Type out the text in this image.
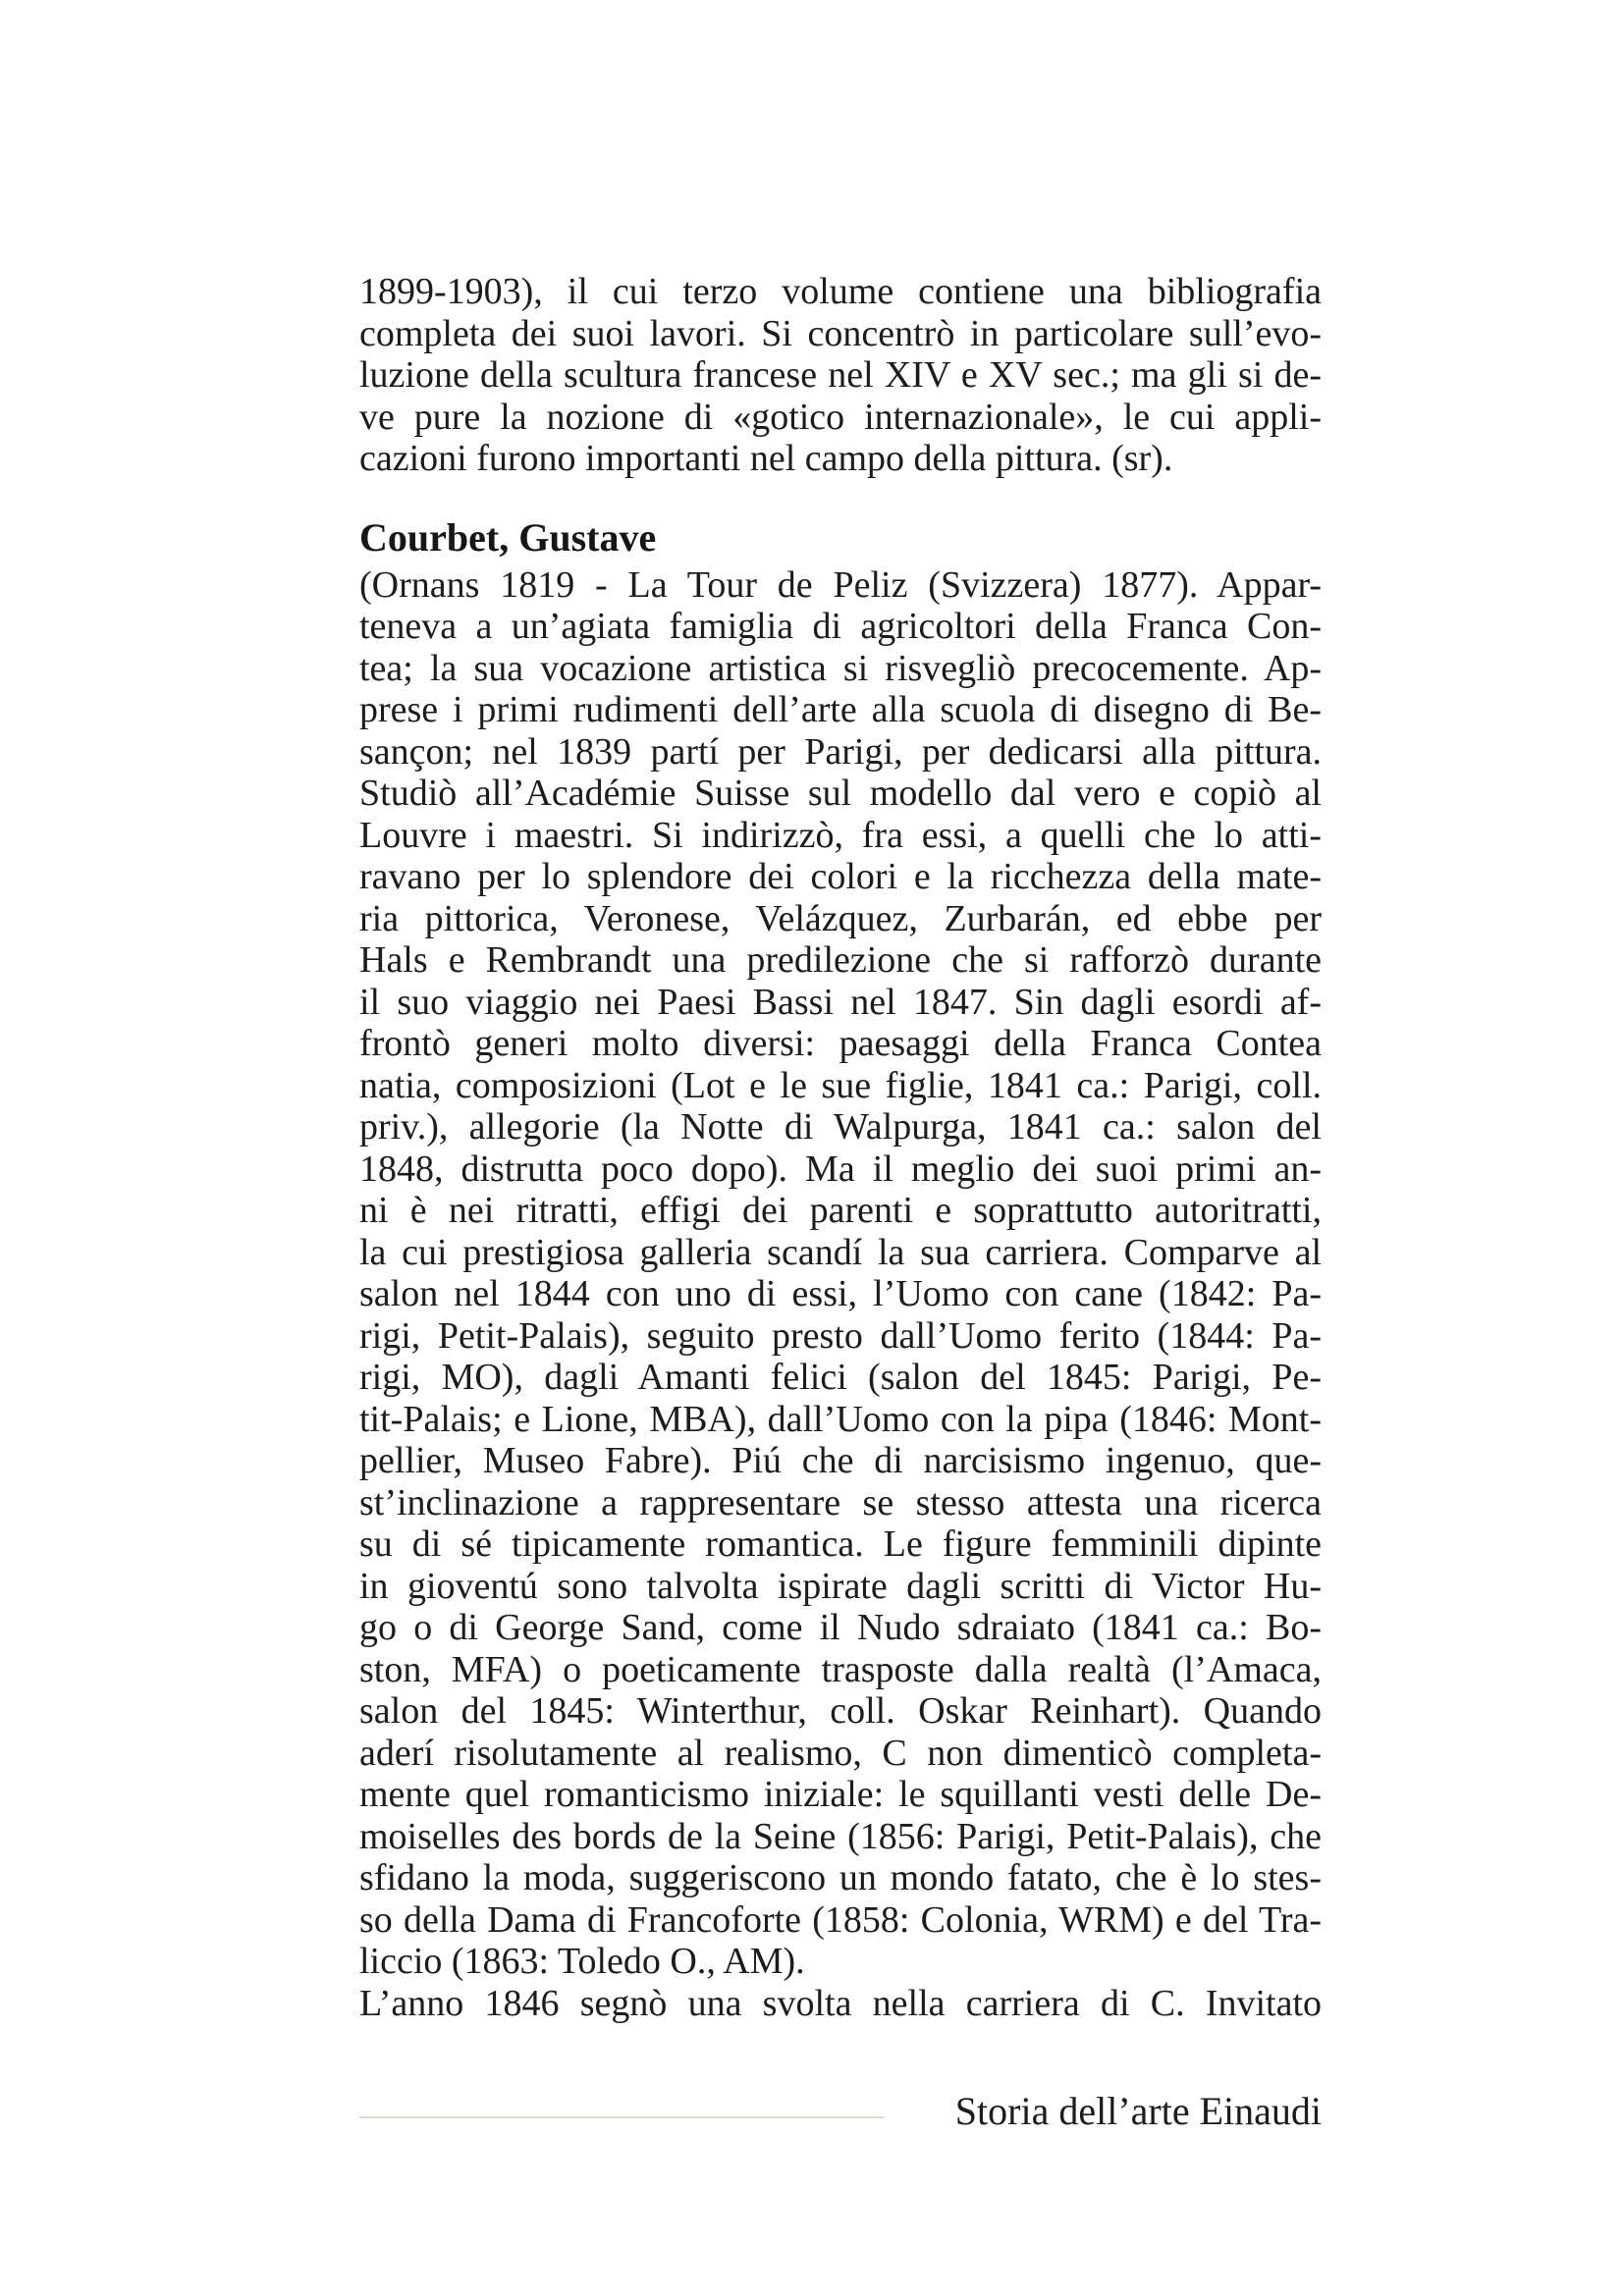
1899-1903), il cui terzo volume contiene una bibliografia
completa dei suoi lavori. Si concentrò in particolare sull’evo-
luzione della scultura francese nel XIV e XV sec.; ma gli si de-
ve pure la nozione di «gotico internazionale», le cui appli-
cazioni furono importanti nel campo della pittura. (sr).
Courbet, Gustave
(Ornans 1819 - La Tour de Peliz (Svizzera) 1877). Appar-
teneva a un’agiata famiglia di agricoltori della Franca Con-
tea; la sua vocazione artistica si risvegliò precocemente. Ap-
prese i primi rudimenti dell’arte alla scuola di disegno di Be-
sançon; nel 1839 partí per Parigi, per dedicarsi alla pittura.
Studiò all’Académie Suisse sul modello dal vero e copiò al
Louvre i maestri. Si indirizzò, fra essi, a quelli che lo atti-
ravano per lo splendore dei colori e la ricchezza della mate-
ria pittorica, Veronese, Velázquez, Zurbarán, ed ebbe per
Hals e Rembrandt una predilezione che si rafforzò durante
il suo viaggio nei Paesi Bassi nel 1847. Sin dagli esordi af-
frontò generi molto diversi: paesaggi della Franca Contea
natia, composizioni (Lot e le sue figlie, 1841 ca.: Parigi, coll.
priv.), allegorie (la Notte di Walpurga, 1841 ca.: salon del
1848, distrutta poco dopo). Ma il meglio dei suoi primi an-
ni è nei ritratti, effigi dei parenti e soprattutto autoritratti,
la cui prestigiosa galleria scandí la sua carriera. Comparve al
salon nel 1844 con uno di essi, l’Uomo con cane (1842: Pa-
rigi, Petit-Palais), seguito presto dall’Uomo ferito (1844: Pa-
rigi, MO), dagli Amanti felici (salon del 1845: Parigi, Pe-
tit-Palais; e Lione, MBA), dall’Uomo con la pipa (1846: Mont-
pellier, Museo Fabre). Piú che di narcisismo ingenuo, que-
st’inclinazione a rappresentare se stesso attesta una ricerca
su di sé tipicamente romantica. Le figure femminili dipinte
in gioventú sono talvolta ispirate dagli scritti di Victor Hu-
go o di George Sand, come il Nudo sdraiato (1841 ca.: Bo-
ston, MFA) o poeticamente trasposte dalla realtà (l’Amaca,
salon del 1845: Winterthur, coll. Oskar Reinhart). Quando
aderí risolutamente al realismo, C non dimenticò completa-
mente quel romanticismo iniziale: le squillanti vesti delle De-
moiselles des bords de la Seine (1856: Parigi, Petit-Palais), che
sfidano la moda, suggeriscono un mondo fatato, che è lo stes-
so della Dama di Francoforte (1858: Colonia, WRM) e del Tra-
liccio (1863: Toledo O., AM).
L’anno 1846 segnò una svolta nella carriera di C. Invitato
Storia dell’arte Einaudi
